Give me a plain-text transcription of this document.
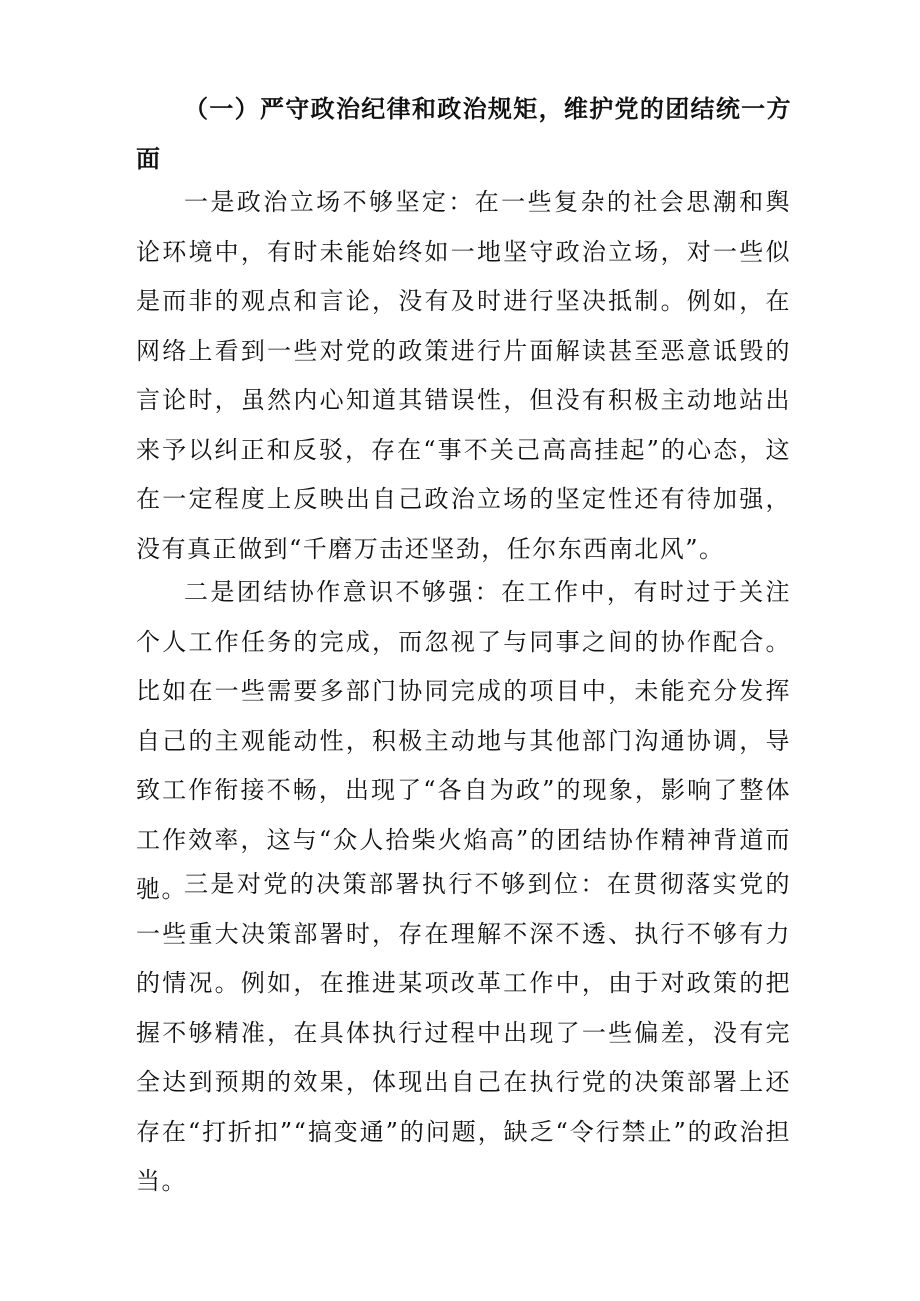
（一）严守政治纪律和政治规矩，维护党的团结统一方面

一是政治立场不够坚定：在一些复杂的社会思潮和舆论环境中，有时未能始终如一地坚守政治立场，对一些似是而非的观点和言论，没有及时进行坚决抵制。例如，在网络上看到一些对党的政策进行片面解读甚至恶意诋毁的言论时，虽然内心知道其错误性，但没有积极主动地站出来予以纠正和反驳，存在“事不关己高高挂起”的心态，这在一定程度上反映出自己政治立场的坚定性还有待加强，没有真正做到“千磨万击还坚劲，任尔东西南北风”。

二是团结协作意识不够强：在工作中，有时过于关注个人工作任务的完成，而忽视了与同事之间的协作配合。比如在一些需要多部门协同完成的项目中，未能充分发挥自己的主观能动性，积极主动地与其他部门沟通协调，导致工作衔接不畅，出现了“各自为政”的现象，影响了整体工作效率，这与“众人拾柴火焰高”的团结协作精神背道而驰。

三是对党的决策部署执行不够到位：在贯彻落实党的一些重大决策部署时，存在理解不深不透、执行不够有力的情况。例如，在推进某项改革工作中，由于对政策的把握不够精准，在具体执行过程中出现了一些偏差，没有完全达到预期的效果，体现出自己在执行党的决策部署上还存在“打折扣”“搞变通”的问题，缺乏“令行禁止”的政治担当。
